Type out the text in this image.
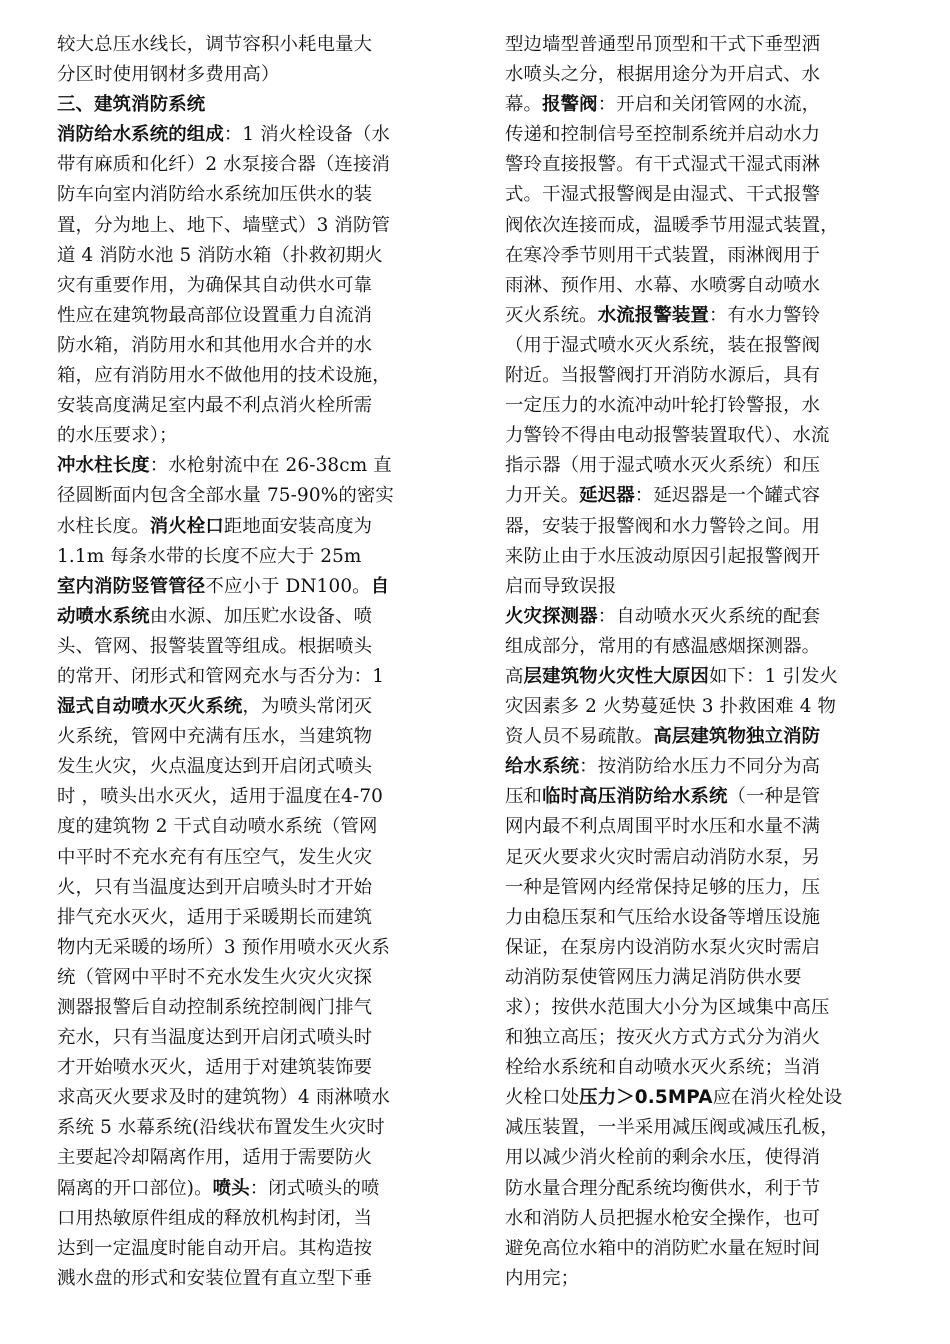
较大总压水线长，调节容积小耗电量大
分区时使用钢材多费用高）
三、建筑消防系统
消防给水系统的组成：1 消火栓设备（水
带有麻质和化纤）2 水泵接合器（连接消
防车向室内消防给水系统加压供水的装
置，分为地上、地下、墙壁式）3 消防管
道 4 消防水池 5 消防水箱（扑救初期火
灾有重要作用，为确保其自动供水可靠
性应在建筑物最高部位设置重力自流消
防水箱，消防用水和其他用水合并的水
箱，应有消防用水不做他用的技术设施，
安装高度满足室内最不利点消火栓所需
的水压要求）；
冲水柱长度：水枪射流中在 26-38cm 直
径圆断面内包含全部水量 75-90%的密实
水柱长度。消火栓口距地面安装高度为
1.1m 每条水带的长度不应大于 25m
室内消防竖管管径不应小于 DN100。自
动喷水系统由水源、加压贮水设备、喷
头、管网、报警装置等组成。根据喷头
的常开、闭形式和管网充水与否分为：1
湿式自动喷水灭火系统，为喷头常闭灭
火系统，管网中充满有压水，当建筑物
发生火灾，火点温度达到开启闭式喷头
时 ，喷头出水灭火，适用于温度在4-70
度的建筑物 2 干式自动喷水系统（管网
中平时不充水充有有压空气，发生火灾
火，只有当温度达到开启喷头时才开始
排气充水灭火，适用于采暖期长而建筑
物内无采暖的场所）3 预作用喷水灭火系
统（管网中平时不充水发生火灾火灾探
测器报警后自动控制系统控制阀门排气
充水，只有当温度达到开启闭式喷头时
才开始喷水灭火，适用于对建筑装饰要
求高灭火要求及时的建筑物）4 雨淋喷水
系统 5 水幕系统(沿线状布置发生火灾时
主要起冷却隔离作用，适用于需要防火
隔离的开口部位)。喷头：闭式喷头的喷
口用热敏原件组成的释放机构封闭，当
达到一定温度时能自动开启。其构造按
溅水盘的形式和安装位置有直立型下垂
型边墙型普通型吊顶型和干式下垂型洒
水喷头之分，根据用途分为开启式、水
幕。报警阀：开启和关闭管网的水流，
传递和控制信号至控制系统并启动水力
警玲直接报警。有干式湿式干湿式雨淋
式。干湿式报警阀是由湿式、干式报警
阀依次连接而成，温暖季节用湿式装置，
在寒冷季节则用干式装置，雨淋阀用于
雨淋、预作用、水幕、水喷雾自动喷水
灭火系统。水流报警装置：有水力警铃
（用于湿式喷水灭火系统，装在报警阀
附近。当报警阀打开消防水源后，具有
一定压力的水流冲动叶轮打铃警报，水
力警铃不得由电动报警装置取代）、水流
指示器（用于湿式喷水灭火系统）和压
力开关。延迟器：延迟器是一个罐式容
器，安装于报警阀和水力警铃之间。用
来防止由于水压波动原因引起报警阀开
启而导致误报
火灾探测器：自动喷水灭火系统的配套
组成部分，常用的有感温感烟探测器。
高层建筑物火灾性大原因如下：1 引发火
灾因素多 2 火势蔓延快 3 扑救困难 4 物
资人员不易疏散。高层建筑物独立消防
给水系统：按消防给水压力不同分为高
压和临时高压消防给水系统（一种是管
网内最不利点周围平时水压和水量不满
足灭火要求火灾时需启动消防水泵，另
一种是管网内经常保持足够的压力，压
力由稳压泵和气压给水设备等增压设施
保证，在泵房内设消防水泵火灾时需启
动消防泵使管网压力满足消防供水要
求）；按供水范围大小分为区域集中高压
和独立高压；按灭火方式方式分为消火
栓给水系统和自动喷水灭火系统；当消
火栓口处压力＞0.5MPA应在消火栓处设
减压装置，一半采用减压阀或减压孔板，
用以减少消火栓前的剩余水压，使得消
防水量合理分配系统均衡供水，利于节
水和消防人员把握水枪安全操作，也可
避免高位水箱中的消防贮水量在短时间
内用完；
